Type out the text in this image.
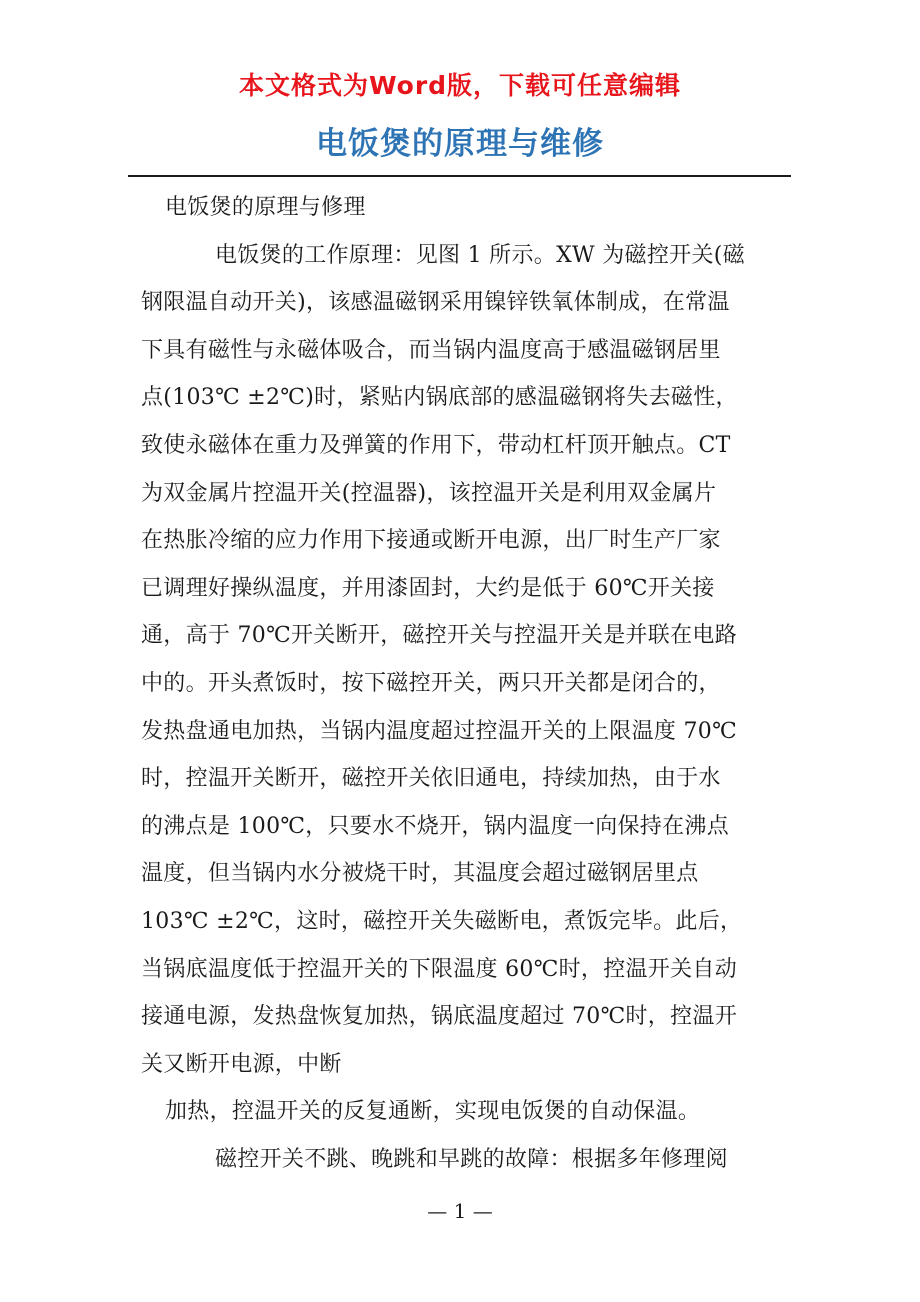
本文格式为Word版，下载可任意编辑
电饭煲的原理与维修
电饭煲的原理与修理
电饭煲的工作原理：见图 1 所示。XW 为磁控开关(磁
钢限温自动开关)，该感温磁钢采用镍锌铁氧体制成，在常温
下具有磁性与永磁体吸合，而当锅内温度高于感温磁钢居里
点(103℃ ±2℃)时，紧贴内锅底部的感温磁钢将失去磁性，
致使永磁体在重力及弹簧的作用下，带动杠杆顶开触点。CT
为双金属片控温开关(控温器)，该控温开关是利用双金属片
在热胀冷缩的应力作用下接通或断开电源，出厂时生产厂家
已调理好操纵温度，并用漆固封，大约是低于 60℃开关接
通，高于 70℃开关断开，磁控开关与控温开关是并联在电路
中的。开头煮饭时，按下磁控开关，两只开关都是闭合的，
发热盘通电加热，当锅内温度超过控温开关的上限温度 70℃
时，控温开关断开，磁控开关依旧通电，持续加热，由于水
的沸点是 100℃，只要水不烧开，锅内温度一向保持在沸点
温度，但当锅内水分被烧干时，其温度会超过磁钢居里点
103℃ ±2℃，这时，磁控开关失磁断电，煮饭完毕。此后，
当锅底温度低于控温开关的下限温度 60℃时，控温开关自动
接通电源，发热盘恢复加热，锅底温度超过 70℃时，控温开
关又断开电源，中断
加热，控温开关的反复通断，实现电饭煲的自动保温。
磁控开关不跳、晚跳和早跳的故障：根据多年修理阅
— 1 —
